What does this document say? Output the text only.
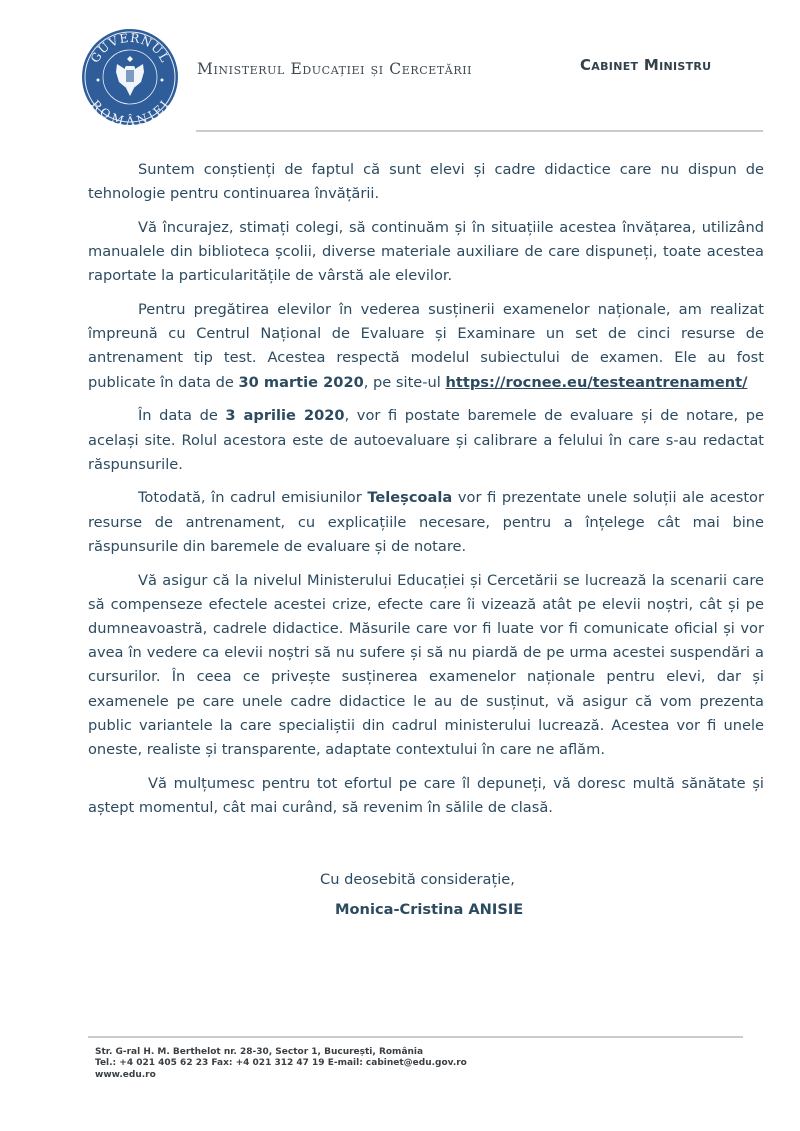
GUVERNUL
ROMÂNIEI
Ministerul Educației și Cercetării	Cabinet Ministru

Suntem conștienți de faptul că sunt elevi și cadre didactice care nu dispun de tehnologie pentru continuarea învățării.

Vă încurajez, stimați colegi, să continuăm și în situațiile acestea învățarea, utilizând manualele din biblioteca școlii, diverse materiale auxiliare de care dispuneți, toate acestea raportate la particularitățile de vârstă ale elevilor.

Pentru pregătirea elevilor în vederea susținerii examenelor naționale, am realizat împreună cu Centrul Național de Evaluare și Examinare un set de cinci resurse de antrenament tip test. Acestea respectă modelul subiectului de examen. Ele au fost publicate în data de 30 martie 2020, pe site-ul https://rocnee.eu/testeantrenament/

În data de 3 aprilie 2020, vor fi postate baremele de evaluare și de notare, pe același site. Rolul acestora este de autoevaluare și calibrare a felului în care s-au redactat răspunsurile.

Totodată, în cadrul emisiunilor Teleșcoala vor fi prezentate unele soluții ale acestor resurse de antrenament, cu explicațiile necesare, pentru a înțelege cât mai bine răspunsurile din baremele de evaluare și de notare.

Vă asigur că la nivelul Ministerului Educației și Cercetării se lucrează la scenarii care să compenseze efectele acestei crize, efecte care îi vizează atât pe elevii noștri, cât și pe dumneavoastră, cadrele didactice. Măsurile care vor fi luate vor fi comunicate oficial și vor avea în vedere ca elevii noștri să nu sufere și să nu piardă de pe urma acestei suspendări a cursurilor. În ceea ce privește susținerea examenelor naționale pentru elevi, dar și examenele pe care unele cadre didactice le au de susținut, vă asigur că vom prezenta public variantele la care specialiștii din cadrul ministerului lucrează. Acestea vor fi unele oneste, realiste și transparente, adaptate contextului în care ne aflăm.

Vă mulțumesc pentru tot efortul pe care îl depuneți, vă doresc multă sănătate și aștept momentul, cât mai curând, să revenim în sălile de clasă.

Cu deosebită considerație,
Monica-Cristina ANISIE
Str. G-ral H. M. Berthelot nr. 28-30, Sector 1, București, România
Tel.: +4 021 405 62 23 Fax: +4 021 312 47 19 E-mail: cabinet@edu.gov.ro
www.edu.ro
